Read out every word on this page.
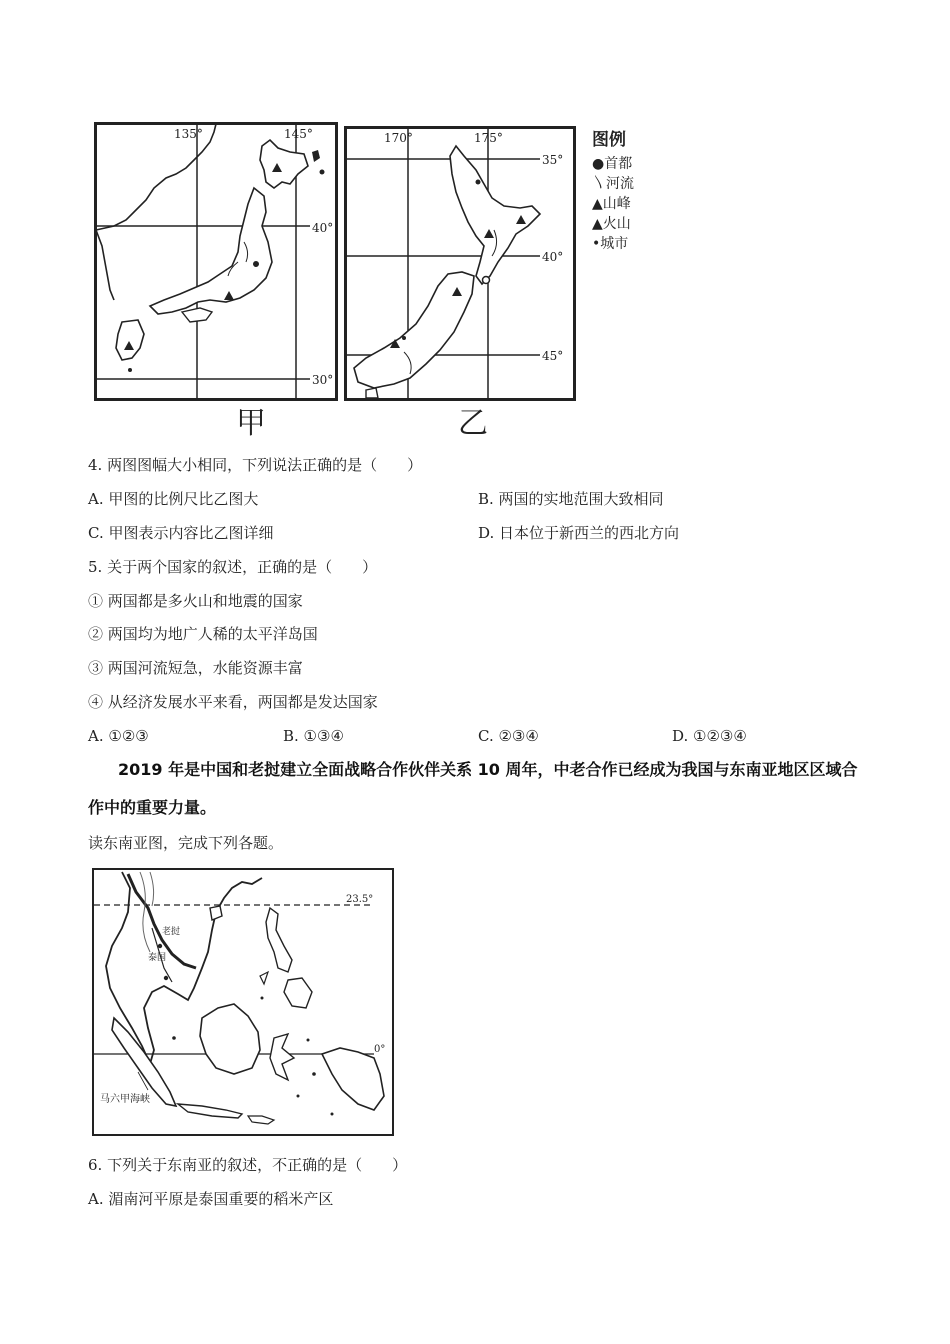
135°	145°
40°
30°
甲
170°	175°
35°
40°
45°
乙
图例
●首都
〵河流
▲山峰
▲火山
•城市
4. 两图图幅大小相同，下列说法正确的是（　　）
A. 甲图的比例尺比乙图大	B. 两国的实地范围大致相同
C. 甲图表示内容比乙图详细	D. 日本位于新西兰的西北方向
5. 关于两个国家的叙述，正确的是（　　）
① 两国都是多火山和地震的国家
② 两国均为地广人稀的太平洋岛国
③ 两国河流短急，水能资源丰富
④ 从经济发展水平来看，两国都是发达国家
A. ①②③	B. ①③④	C. ②③④	D. ①②③④
2019 年是中国和老挝建立全面战略合作伙伴关系 10 周年，中老合作已经成为我国与东南亚地区区域合
作中的重要力量。
读东南亚图，完成下列各题。
23.5°
0°
老挝
泰国
马六甲海峡
6. 下列关于东南亚的叙述，不正确的是（　　）
A. 湄南河平原是泰国重要的稻米产区
